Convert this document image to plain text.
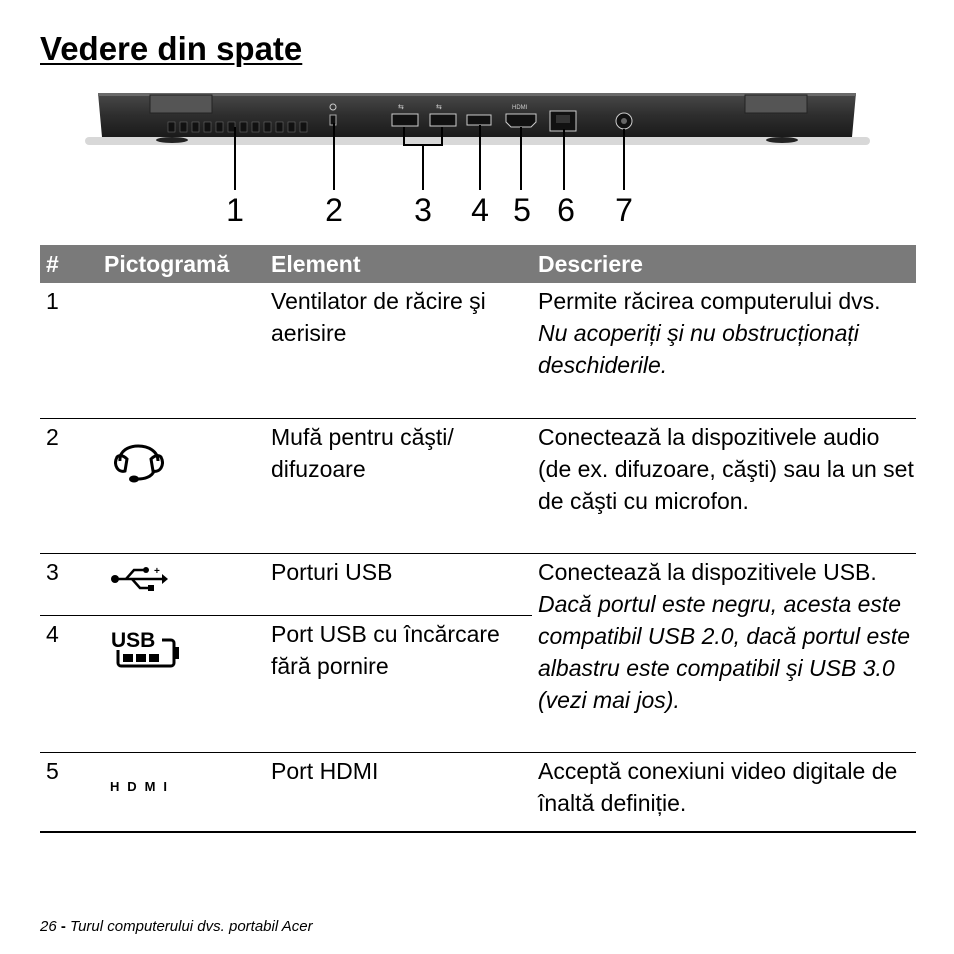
Vedere din spate
⇆	⇆	HDMI
1	2 3 4 5 6 7
#	Pictogramă	Element	Descriere
1		Ventilator de răcire şi aerisire	Permite răcirea computerului dvs.
Nu acoperiți şi nu obstrucționați deschiderile.

2		Mufă pentru căşti/ difuzoare	Conectează la dispozitivele audio (de ex. difuzoare, căşti) sau la un set de căşti cu microfon.
3	+	Porturi USB	Conectează la dispozitivele USB.
Dacă portul este negru, acesta este compatibil USB 2.0, dacă portul este albastru este compatibil şi USB 3.0
(vezi mai jos).

4	USB	Port USB cu încărcare fără pornire	
5	HDMI	Port HDMI	Acceptă conexiuni video digitale de înaltă definiție.
26 - Turul computerului dvs. portabil Acer
